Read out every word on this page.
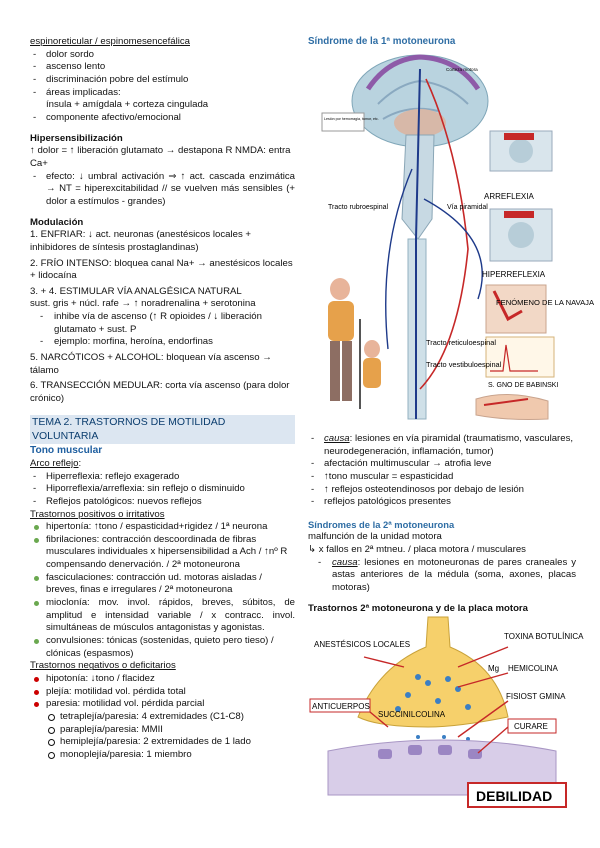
espinoreticular / espinomesencefálica
- dolor sordo
- ascenso lento
- discriminación pobre del estímulo
- áreas implicadas:
ínsula + amígdala + corteza cingulada
- componente afectivo/emocional
Hipersensibilización
↑ dolor = ↑ liberación glutamato → destapona R NMDA: entra Ca+
- efecto: ↓ umbral activación ⇒ ↑ act. cascada enzimática → NT = hiperexcitabilidad // se vuelven más sensibles (+ dolor a estímulos - grandes)
Modulación
1. ENFRIAR: ↓ act. neuronas (anestésicos locales + inhibidores de síntesis prostaglandinas)
2. FRÍO INTENSO: bloquea canal Na+ → anestésicos locales + lidocaína
3. + 4. ESTIMULAR VÍA ANALGÉSICA NATURAL
sust. gris + núcl. rafe → ↑ noradrenalina + serotonina
- inhibe vía de ascenso (↑ R opioides / ↓ liberación glutamato + sust. P
- ejemplo: morfina, heroína, endorfinas
5. NARCÓTICOS + ALCOHOL: bloquean vía ascenso → tálamo
6. TRANSECCIÓN MEDULAR: corta vía ascenso (para dolor crónico)
TEMA 2. TRASTORNOS DE MOTILIDAD VOLUNTARIA
Tono muscular
Arco reflejo:
- Hiperreflexia: reflejo exagerado
- Hiporreflexia/arreflexia: sin reflejo o disminuido
- Reflejos patológicos: nuevos reflejos
Trastornos positivos o irritativos
hipertonía: ↑tono / espasticidad+rigidez / 1ª neurona
fibrilaciones: contracción descoordinada de fibras musculares individuales x hipersensibilidad a Ach / ↑nº R compensando denervación. / 2ª motoneurona
fasciculaciones: contracción ud. motoras aisladas / breves, finas e irregulares / 2ª motoneurona
mioclonía: mov. invol. rápidos, breves, súbitos, de amplitud e intensidad variable / x contracc. invol. simultáneas de músculos antagonistas y agonistas.
convulsiones: tónicas (sostenidas, quieto pero tieso) / clónicas (espasmos)
Trastornos negativos o deficitarios
hipotonía: ↓tono / flacidez
plejía: motilidad vol. pérdida total
paresia: motilidad vol. pérdida parcial
tetraplejía/paresia: 4 extremidades (C1-C8)
paraplejía/paresia: MMII
hemiplejía/paresia: 2 extremidades de 1 lado
monoplejía/paresia: 1 miembro
Síndrome de la 1ª motoneurona
Lesión por hemorragia, tumor, etc.
Corteza motora
ARREFLEXIA
Vía piramidal
Tracto rubroespinal
HIPERREFLEXIA
FENÓMENO DE LA NAVAJA
Tracto reticuloespinal
Tracto vestibuloespinal
S. GNO DE BABINSKI
- causa: lesiones en vía piramidal (traumatismo, vasculares, neurodegeneración, inflamación, tumor)
- afectación multimuscular → atrofia leve
- ↑tono muscular = espasticidad
- ↑ reflejos osteotendinosos por debajo de lesión
- reflejos patológicos presentes
Síndromes de la 2ª motoneurona
malfunción de la unidad motora
↳ x fallos en 2ª mtneu. / placa motora / musculares
- causa: lesiones en motoneuronas de pares craneales y astas anteriores de la médula (soma, axones, placas motoras)
Trastornos 2ª motoneurona y de la placa motora
ANESTÉSICOS LOCALES
TOXINA BOTULÍNICA
Mg HEMICOLINA
ANTICUERPOS
SUCCINILCOLINA
FISIOST GMINA
CURARE
DEBILIDAD
